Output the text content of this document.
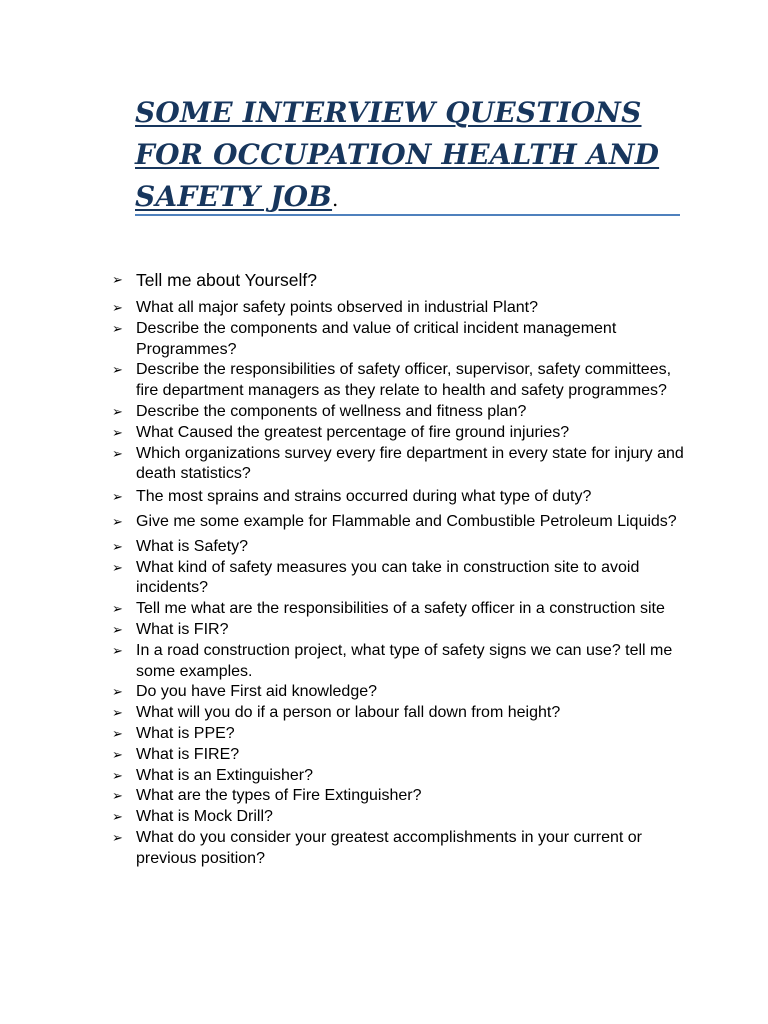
SOME INTERVIEW QUESTIONS FOR OCCUPATION HEALTH AND SAFETY JOB.
➢ Tell me about Yourself?
➢ What all major safety points observed in industrial Plant?
➢ Describe the components and value of critical incident management Programmes?
➢ Describe the responsibilities of safety officer, supervisor, safety committees, fire department managers as they relate to health and safety programmes?
➢ Describe the components of wellness and fitness plan?
➢ What Caused the greatest percentage of fire ground injuries?
➢ Which organizations survey every fire department in every state for injury and death statistics?
➢ The most sprains and strains occurred during what type of duty?
➢ Give me some example for Flammable and Combustible Petroleum Liquids?
➢ What is Safety?
➢ What kind of safety measures you can take in construction site to avoid incidents?
➢ Tell me what are the responsibilities of a safety officer in a construction site
➢ What is FIR?
➢ In a road construction project, what type of safety signs we can use? tell me some examples.
➢ Do you have First aid knowledge?
➢ What will you do if a person or labour fall down from height?
➢ What is PPE?
➢ What is FIRE?
➢ What is an Extinguisher?
➢ What are the types of Fire Extinguisher?
➢ What is Mock Drill?
➢ What do you consider your greatest accomplishments in your current or previous position?
